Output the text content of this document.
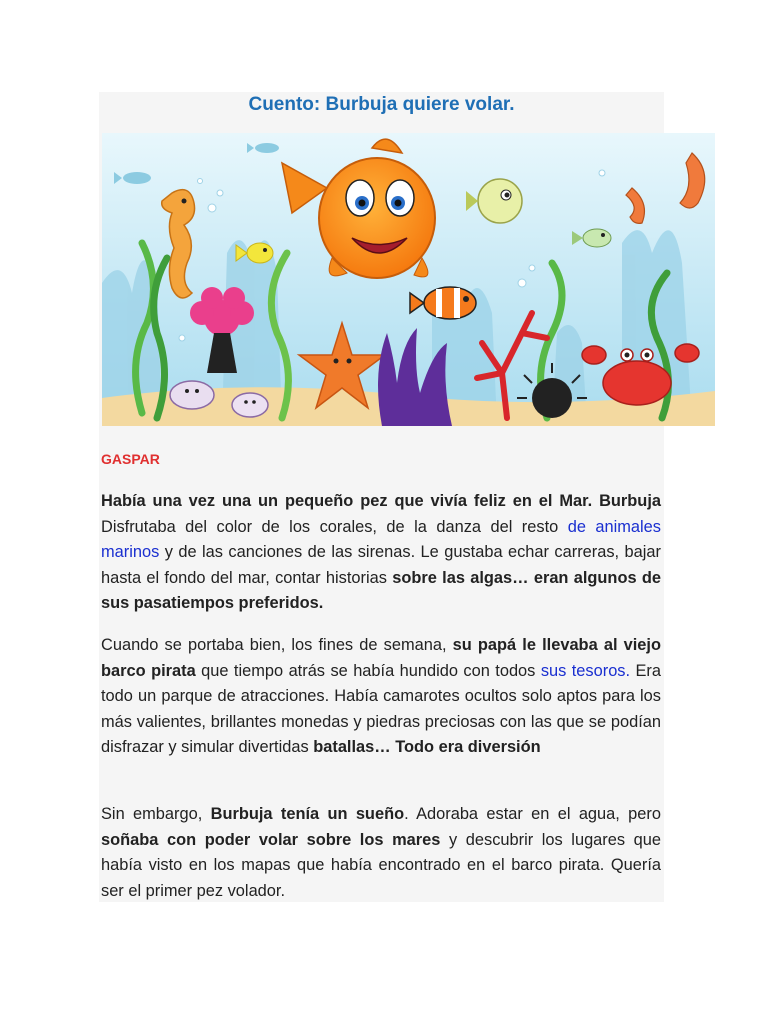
Cuento: Burbuja quiere volar.

GASPAR

Había una vez una un pequeño pez que vivía feliz en el Mar. Burbuja Disfrutaba del color de los corales, de la danza del resto de animales marinos y de las canciones de las sirenas. Le gustaba echar carreras, bajar hasta el fondo del mar, contar historias sobre las algas… eran algunos de sus pasatiempos preferidos.

Cuando se portaba bien, los fines de semana, su papá le llevaba al viejo barco pirata que tiempo atrás se había hundido con todos sus tesoros. Era todo un parque de atracciones. Había camarotes ocultos solo aptos para los más valientes, brillantes monedas y piedras preciosas con las que se podían disfrazar y simular divertidas batallas… Todo era diversión

Sin embargo, Burbuja tenía un sueño. Adoraba estar en el agua, pero soñaba con poder volar sobre los mares y descubrir los lugares que había visto en los mapas que había encontrado en el barco pirata. Quería ser el primer pez volador.
